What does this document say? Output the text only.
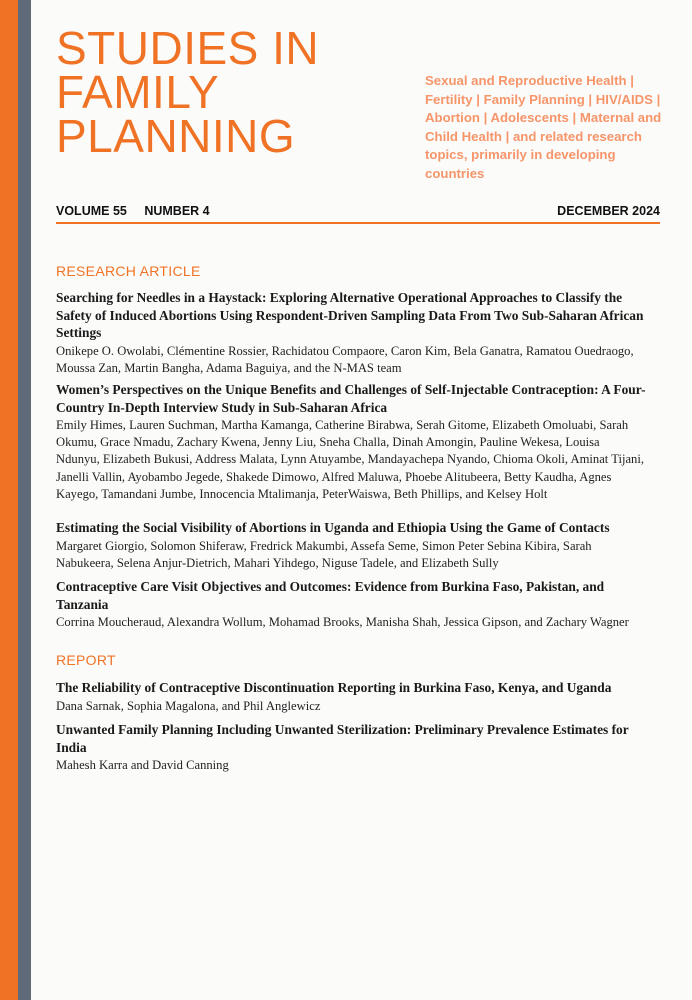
STUDIES IN
FAMILY
PLANNING
Sexual and Reproductive Health | Fertility | Family Planning | HIV/AIDS | Abortion | Adolescents | Maternal and Child Health | and related research topics, primarily in developing countries
VOLUME 55 NUMBER 4	DECEMBER 2024
RESEARCH ARTICLE

Searching for Needles in a Haystack: Exploring Alternative Operational Approaches to Classify the Safety of Induced Abortions Using Respondent-Driven Sampling Data From Two Sub-Saharan African Settings

Onikepe O. Owolabi, Clémentine Rossier, Rachidatou Compaore, Caron Kim, Bela Ganatra, Ramatou Ouedraogo, Moussa Zan, Martin Bangha, Adama Baguiya, and the N-MAS team

Women’s Perspectives on the Unique Benefits and Challenges of Self-Injectable Contraception: A Four-Country In-Depth Interview Study in Sub-Saharan Africa

Emily Himes, Lauren Suchman, Martha Kamanga, Catherine Birabwa, Serah Gitome, Elizabeth Omoluabi, Sarah Okumu, Grace Nmadu, Zachary Kwena, Jenny Liu, Sneha Challa, Dinah Amongin, Pauline Wekesa, Louisa Ndunyu, Elizabeth Bukusi, Address Malata, Lynn Atuyambe, Mandayachepa Nyando, Chioma Okoli, Aminat Tijani, Janelli Vallin, Ayobambo Jegede, Shakede Dimowo, Alfred Maluwa, Phoebe Alitubeera, Betty Kaudha, Agnes Kayego, Tamandani Jumbe, Innocencia Mtalimanja, PeterWaiswa, Beth Phillips, and Kelsey Holt

Estimating the Social Visibility of Abortions in Uganda and Ethiopia Using the Game of Contacts

Margaret Giorgio, Solomon Shiferaw, Fredrick Makumbi, Assefa Seme, Simon Peter Sebina Kibira, Sarah Nabukeera, Selena Anjur-Dietrich, Mahari Yihdego, Niguse Tadele, and Elizabeth Sully

Contraceptive Care Visit Objectives and Outcomes: Evidence from Burkina Faso, Pakistan, and Tanzania

Corrina Moucheraud, Alexandra Wollum, Mohamad Brooks, Manisha Shah, Jessica Gipson, and Zachary Wagner

REPORT

The Reliability of Contraceptive Discontinuation Reporting in Burkina Faso, Kenya, and Uganda

Dana Sarnak, Sophia Magalona, and Phil Anglewicz

Unwanted Family Planning Including Unwanted Sterilization: Preliminary Prevalence Estimates for India

Mahesh Karra and David Canning
